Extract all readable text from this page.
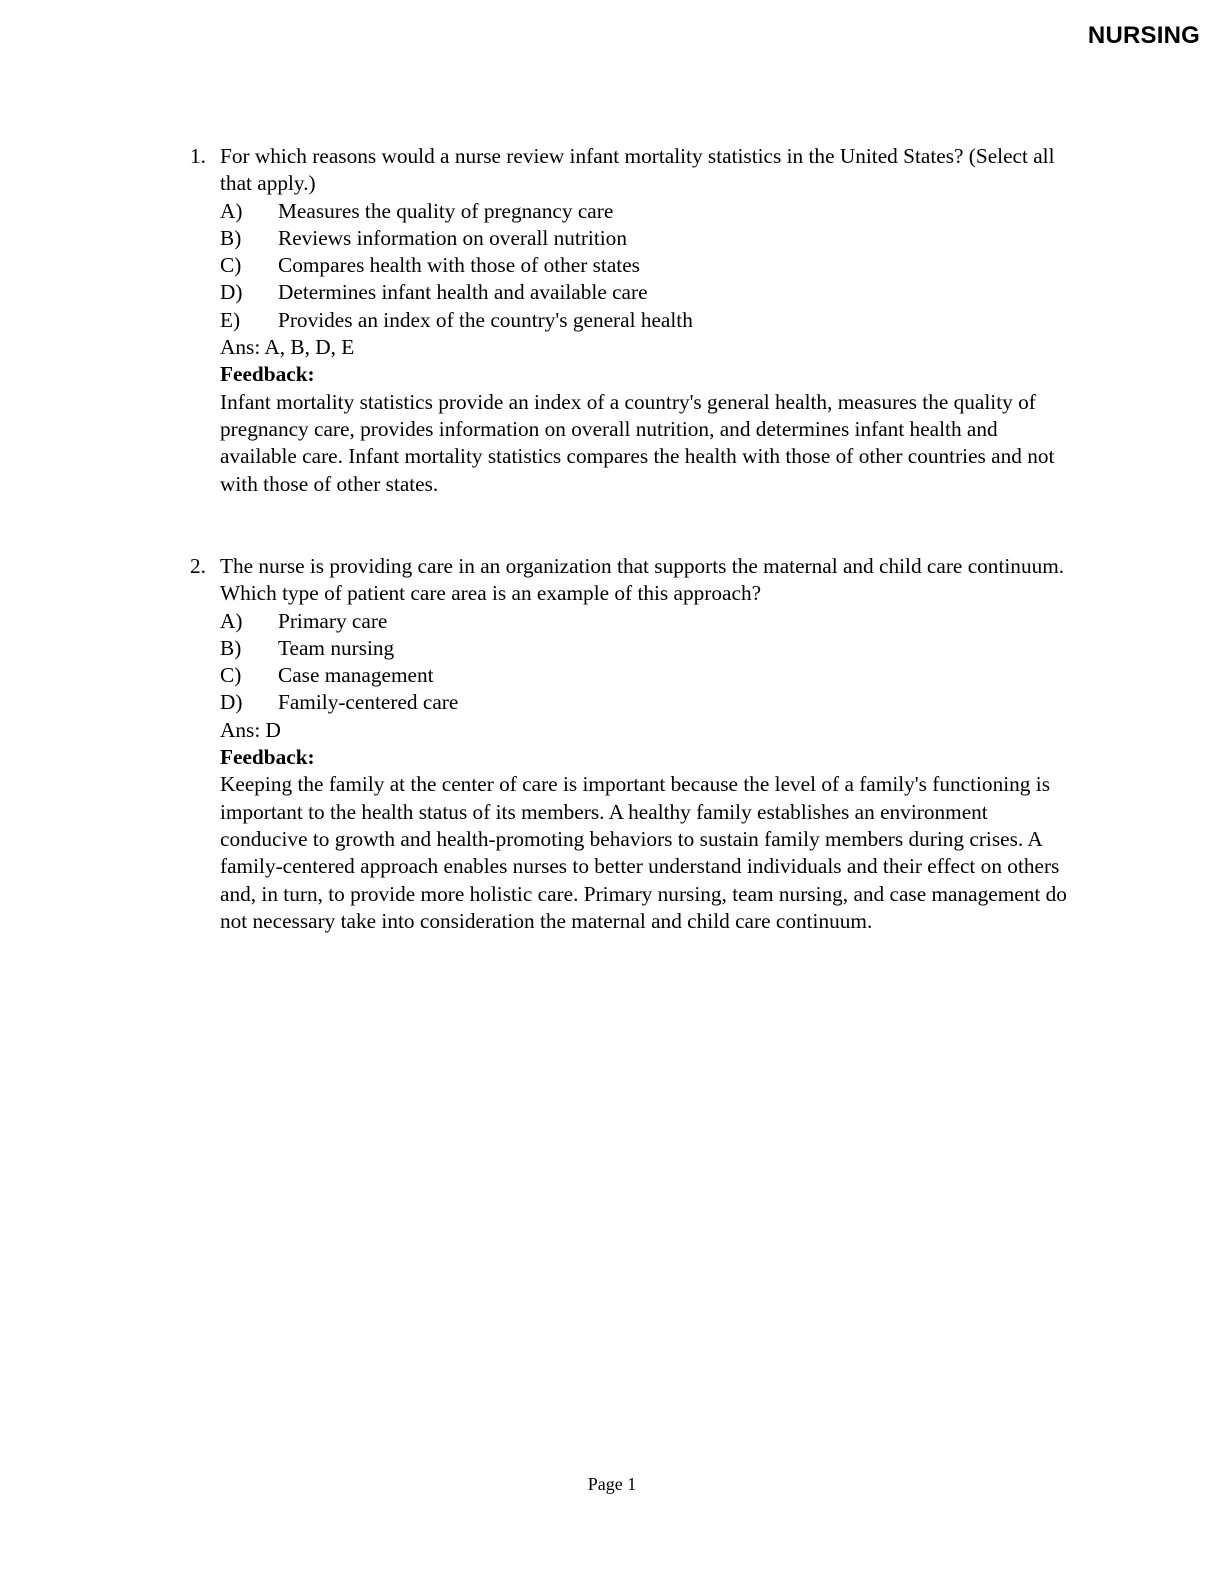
NURSING
1. For which reasons would a nurse review infant mortality statistics in the United States? (Select all that apply.)
A)	Measures the quality of pregnancy care
B)	Reviews information on overall nutrition
C)	Compares health with those of other states
D)	Determines infant health and available care
E)	Provides an index of the country's general health
Ans: A, B, D, E
Feedback:
Infant mortality statistics provide an index of a country's general health, measures the quality of pregnancy care, provides information on overall nutrition, and determines infant health and available care. Infant mortality statistics compares the health with those of other countries and not with those of other states.
2. The nurse is providing care in an organization that supports the maternal and child care continuum. Which type of patient care area is an example of this approach?
A)	Primary care
B)	Team nursing
C)	Case management
D)	Family-centered care
Ans: D
Feedback:
Keeping the family at the center of care is important because the level of a family's functioning is important to the health status of its members. A healthy family establishes an environment conducive to growth and health-promoting behaviors to sustain family members during crises. A family-centered approach enables nurses to better understand individuals and their effect on others and, in turn, to provide more holistic care. Primary nursing, team nursing, and case management do not necessary take into consideration the maternal and child care continuum.
Page 1
